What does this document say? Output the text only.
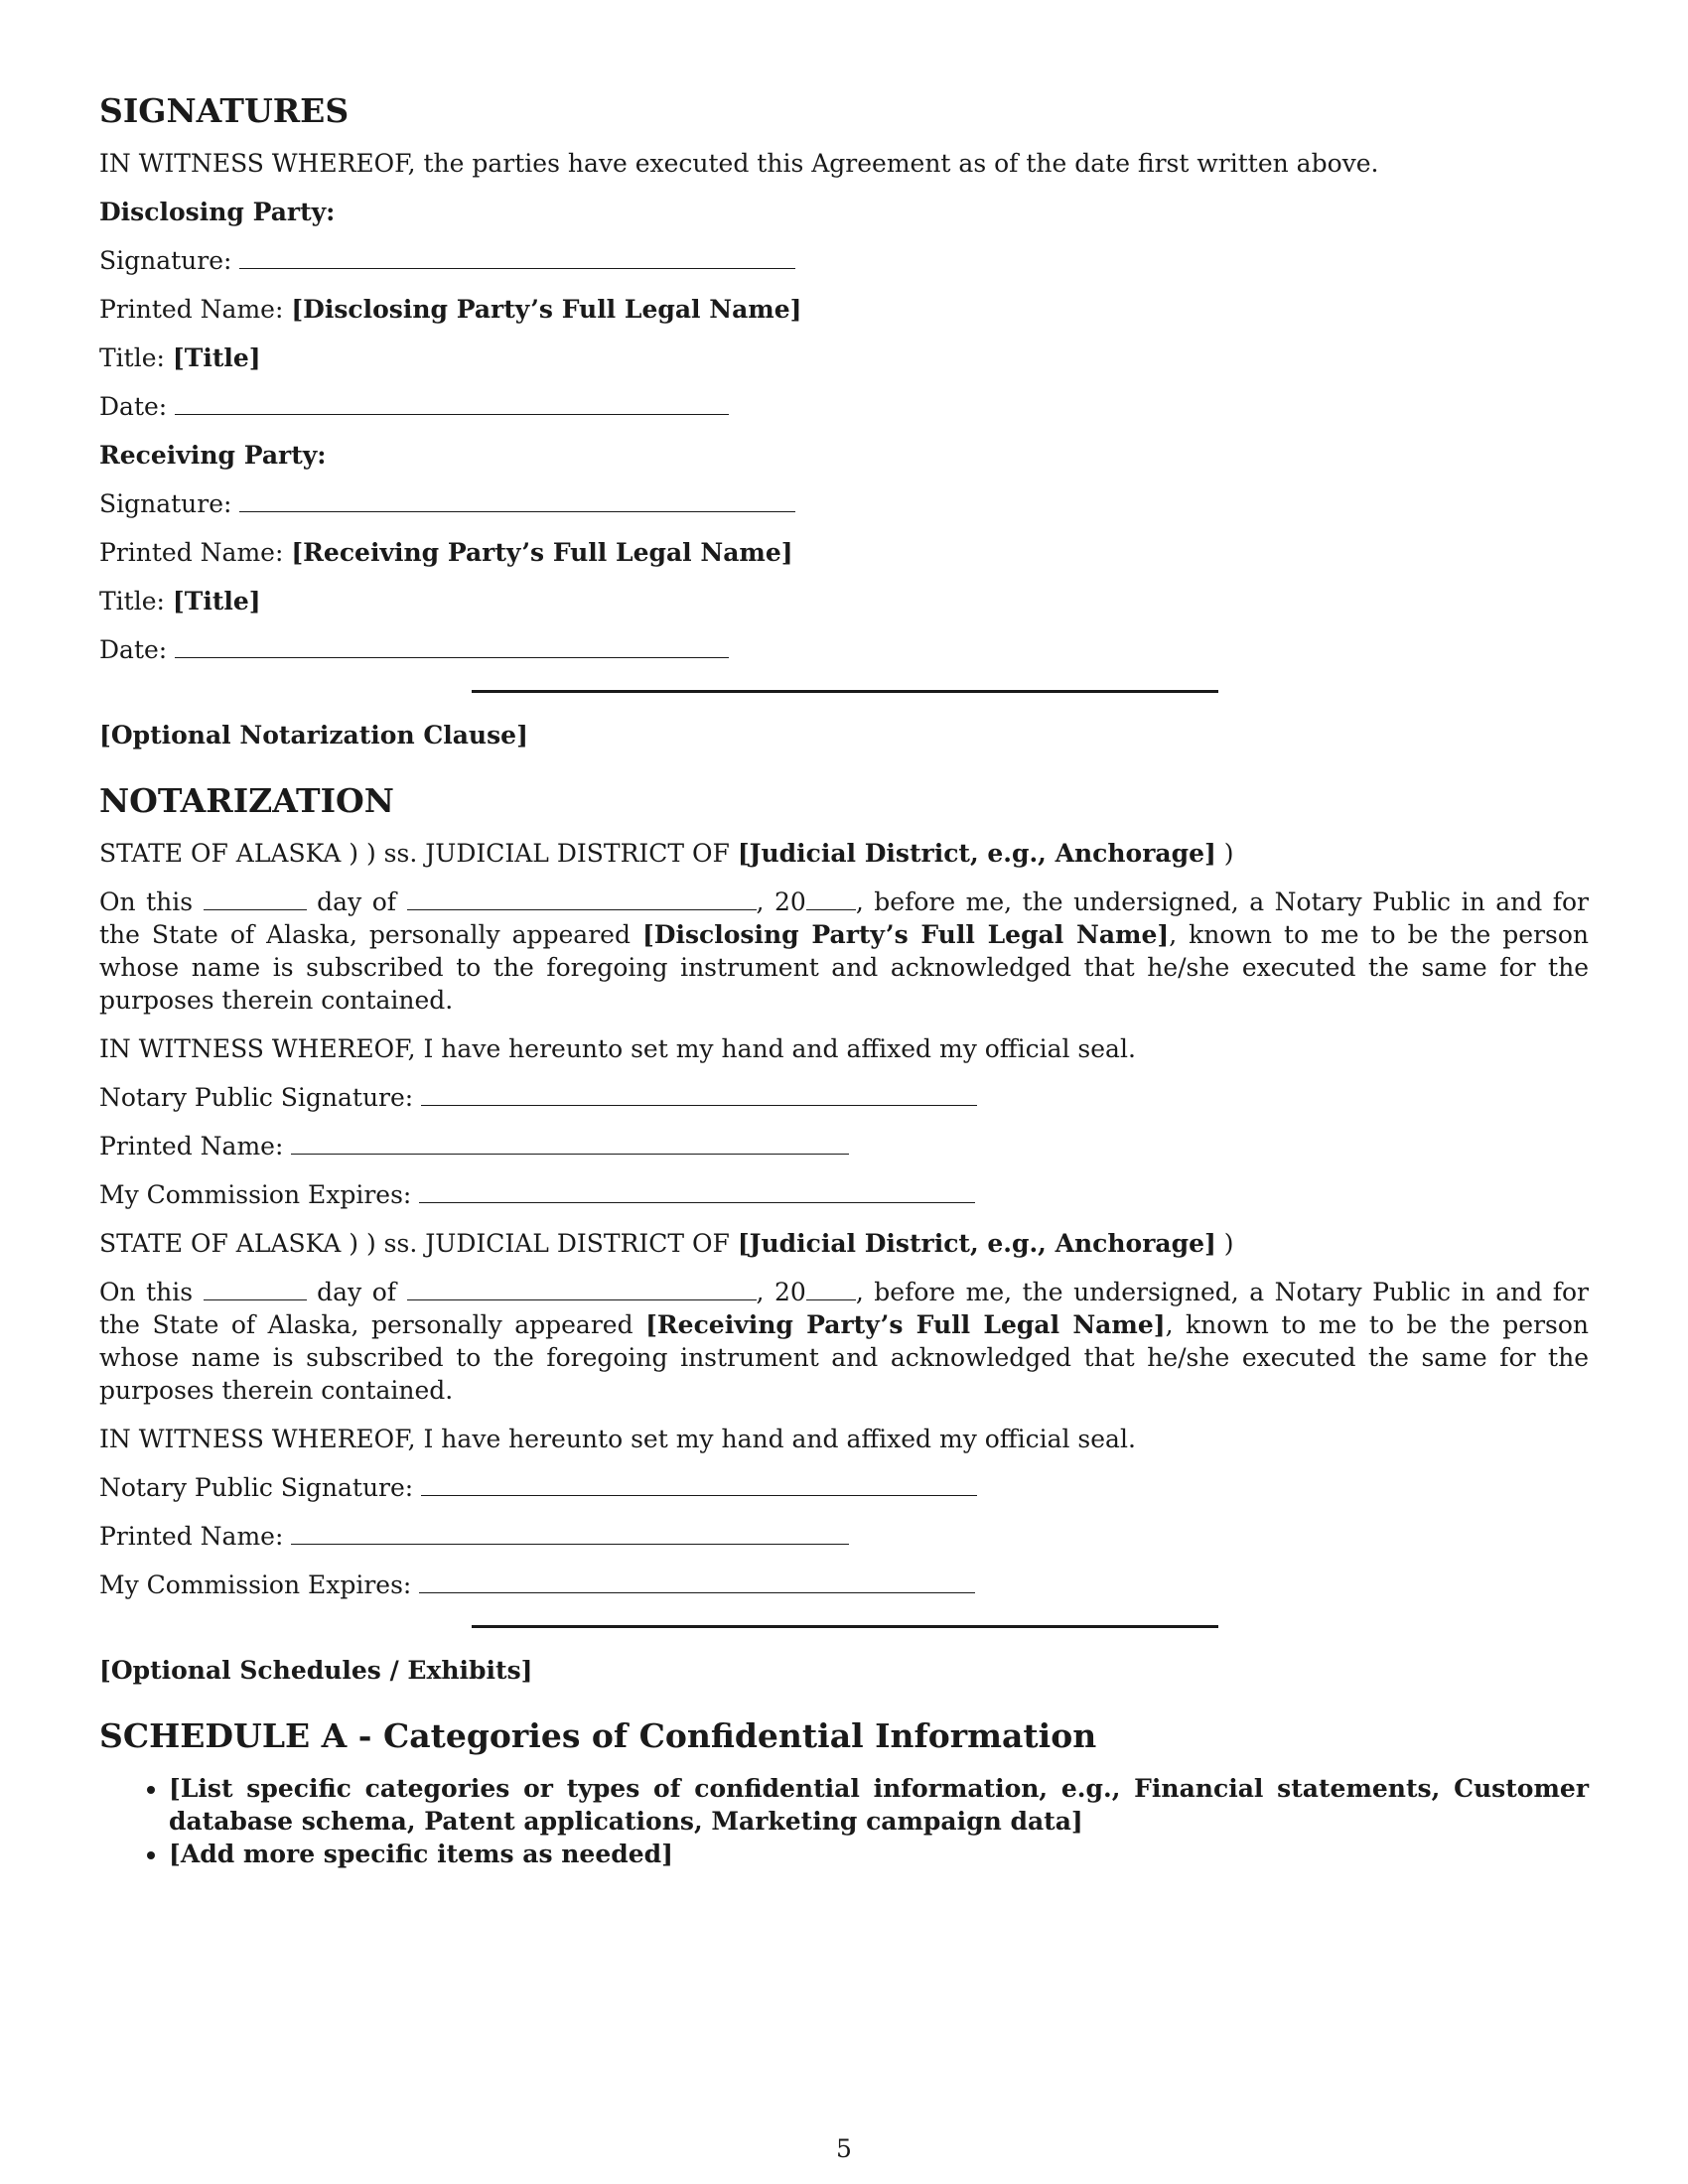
SIGNATURES
IN WITNESS WHEREOF, the parties have executed this Agreement as of the date first written above.
Disclosing Party:
Signature:
Printed Name: [Disclosing Party’s Full Legal Name]
Title: [Title]
Date:
Receiving Party:
Signature:
Printed Name: [Receiving Party’s Full Legal Name]
Title: [Title]
Date:
[Optional Notarization Clause]
NOTARIZATION
STATE OF ALASKA ) ) ss. JUDICIAL DISTRICT OF [Judicial District, e.g., Anchorage] )
On this	day of	, 20 , before me, the undersigned, a Notary Public in and for the State of Alaska, personally appeared [Disclosing Party’s Full Legal Name], known to me to be the person whose name is subscribed to the foregoing instrument and acknowledged that he/she executed the same for the purposes therein contained.
IN WITNESS WHEREOF, I have hereunto set my hand and affixed my official seal.
Notary Public Signature:
Printed Name:
My Commission Expires:
STATE OF ALASKA ) ) ss. JUDICIAL DISTRICT OF [Judicial District, e.g., Anchorage] )
On this	day of	, 20 , before me, the undersigned, a Notary Public in and for the State of Alaska, personally appeared [Receiving Party’s Full Legal Name], known to me to be the person whose name is subscribed to the foregoing instrument and acknowledged that he/she executed the same for the purposes therein contained.
IN WITNESS WHEREOF, I have hereunto set my hand and affixed my official seal.
Notary Public Signature:
Printed Name:
My Commission Expires:
[Optional Schedules / Exhibits]
SCHEDULE A - Categories of Confidential Information
• [List specific categories or types of confidential information, e.g., Financial statements, Customer database schema, Patent applications, Marketing campaign data]
• [Add more specific items as needed]
5
